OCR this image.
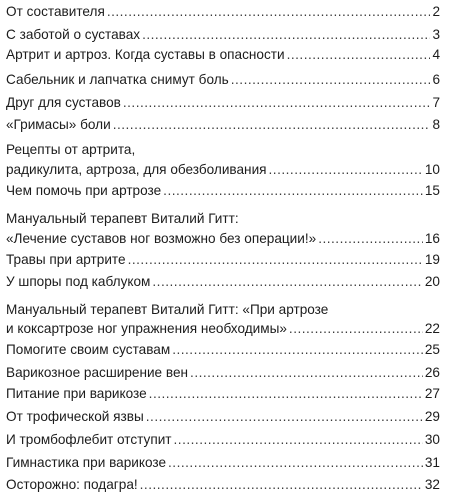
От составителя .....	2
С заботой о суставах .....	3
Артрит и артроз. Когда суставы в опасности .....	4
Сабельник и лапчатка снимут боль .....	6
Друг для суставов .....	7
«Гримасы» боли .....	8
Рецепты от артрита,
радикулита, артроза, для обезболивания .....	10
Чем помочь при артрозе .....	15
Мануальный терапевт Виталий Гитт:
«Лечение суставов ног возможно без операции!» .....	16
Травы при артрите .....	19
У шпоры под каблуком .....	20
Мануальный терапевт Виталий Гитт: «При артрозе
и коксартрозе ног упражнения необходимы» .....	22
Помогите своим суставам .....	25
Варикозное расширение вен .....	26
Питание при варикозе .....	27
От трофической язвы .....	29
И тромбофлебит отступит .....	30
Гимнастика при варикозе .....	31
Осторожно: подагра! .....	32
